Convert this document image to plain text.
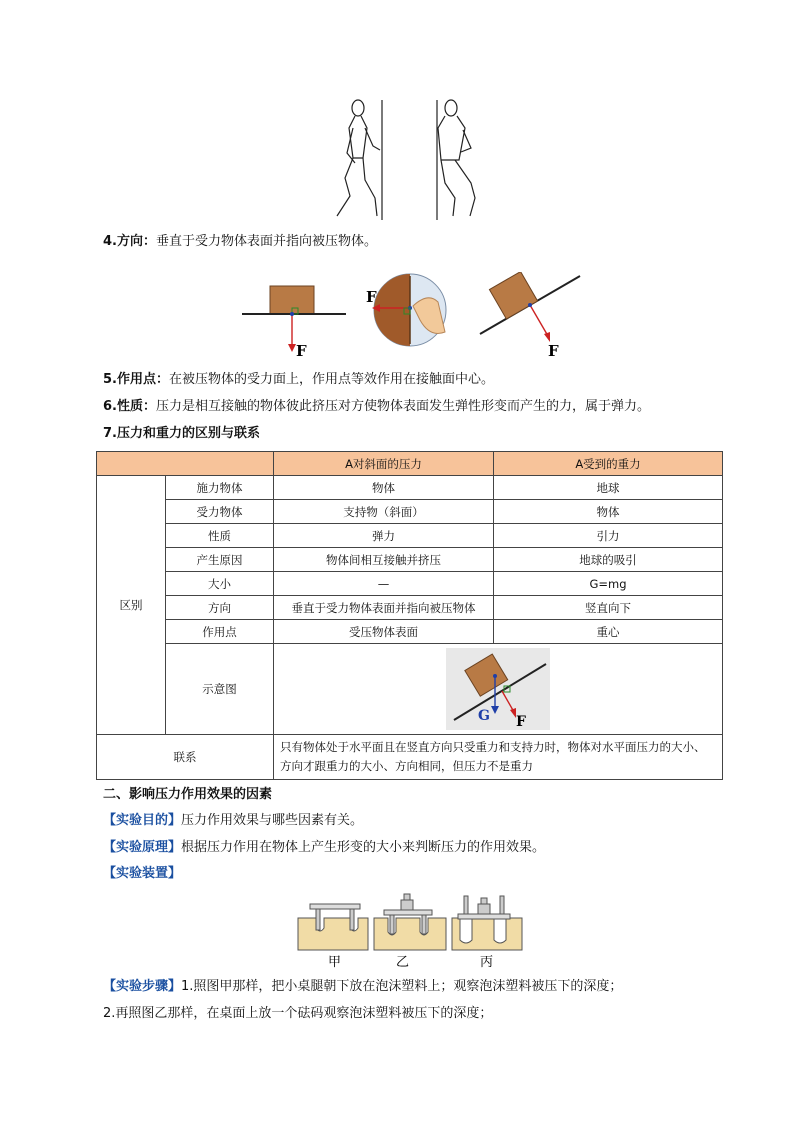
4.方向：垂直于受力物体表面并指向被压物体。
F
F
F
5.作用点：在被压物体的受力面上，作用点等效作用在接触面中心。
6.性质：压力是相互接触的物体彼此挤压对方使物体表面发生弹性形变而产生的力，属于弹力。
7.压力和重力的区别与联系
		A对斜面的压力	A受到的重力
区别	施力物体	物体	地球
	受力物体	支持物（斜面）	物体
	性质	弹力	引力
	产生原因	物体间相互接触并挤压	地球的吸引
	大小	—	G=mg
	方向	垂直于受力物体表面并指向被压物体	竖直向下
	作用点	受压物体表面	重心
	示意图	G F	

联系		只有物体处于水平面且在竖直方向只受重力和支持力时，物体对水平面压力的大小、方向才跟重力的大小、方向相同，但压力不是重力	
二、影响压力作用效果的因素
【实验目的】压力作用效果与哪些因素有关。
【实验原理】根据压力作用在物体上产生形变的大小来判断压力的作用效果。
【实验装置】
甲	乙	丙
【实验步骤】1.照图甲那样，把小桌腿朝下放在泡沫塑料上；观察泡沫塑料被压下的深度；
2.再照图乙那样，在桌面上放一个砝码观察泡沫塑料被压下的深度；
